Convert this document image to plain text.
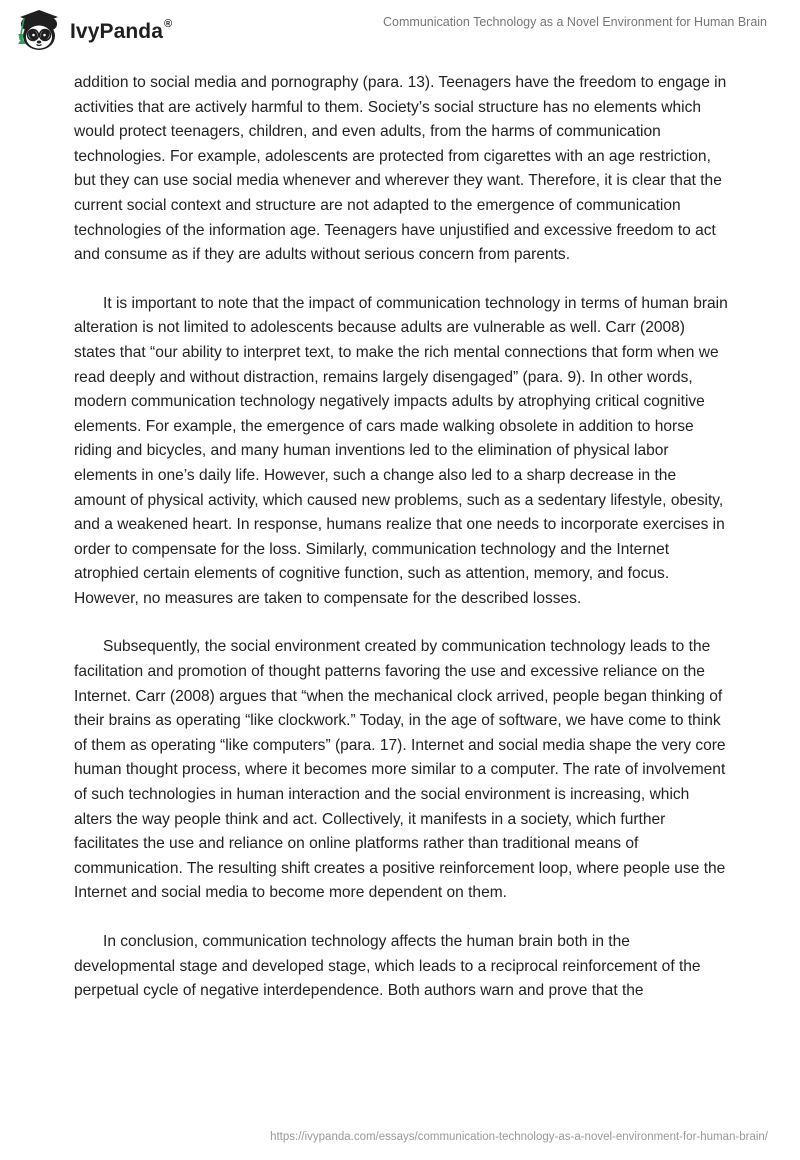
IvyPanda®	Communication Technology as a Novel Environment for Human Brain

addition to social media and pornography (para. 13). Teenagers have the freedom to engage in activities that are actively harmful to them. Society’s social structure has no elements which would protect teenagers, children, and even adults, from the harms of communication technologies. For example, adolescents are protected from cigarettes with an age restriction, but they can use social media whenever and wherever they want. Therefore, it is clear that the current social context and structure are not adapted to the emergence of communication technologies of the information age. Teenagers have unjustified and excessive freedom to act and consume as if they are adults without serious concern from parents.

It is important to note that the impact of communication technology in terms of human brain alteration is not limited to adolescents because adults are vulnerable as well. Carr (2008) states that “our ability to interpret text, to make the rich mental connections that form when we read deeply and without distraction, remains largely disengaged” (para. 9). In other words, modern communication technology negatively impacts adults by atrophying critical cognitive elements. For example, the emergence of cars made walking obsolete in addition to horse riding and bicycles, and many human inventions led to the elimination of physical labor elements in one’s daily life. However, such a change also led to a sharp decrease in the amount of physical activity, which caused new problems, such as a sedentary lifestyle, obesity, and a weakened heart. In response, humans realize that one needs to incorporate exercises in order to compensate for the loss. Similarly, communication technology and the Internet atrophied certain elements of cognitive function, such as attention, memory, and focus. However, no measures are taken to compensate for the described losses.

Subsequently, the social environment created by communication technology leads to the facilitation and promotion of thought patterns favoring the use and excessive reliance on the Internet. Carr (2008) argues that “when the mechanical clock arrived, people began thinking of their brains as operating “like clockwork.” Today, in the age of software, we have come to think of them as operating “like computers” (para. 17). Internet and social media shape the very core human thought process, where it becomes more similar to a computer. The rate of involvement of such technologies in human interaction and the social environment is increasing, which alters the way people think and act. Collectively, it manifests in a society, which further facilitates the use and reliance on online platforms rather than traditional means of communication. The resulting shift creates a positive reinforcement loop, where people use the Internet and social media to become more dependent on them.

In conclusion, communication technology affects the human brain both in the developmental stage and developed stage, which leads to a reciprocal reinforcement of the perpetual cycle of negative interdependence. Both authors warn and prove that the

https://ivypanda.com/essays/communication-technology-as-a-novel-environment-for-human-brain/
